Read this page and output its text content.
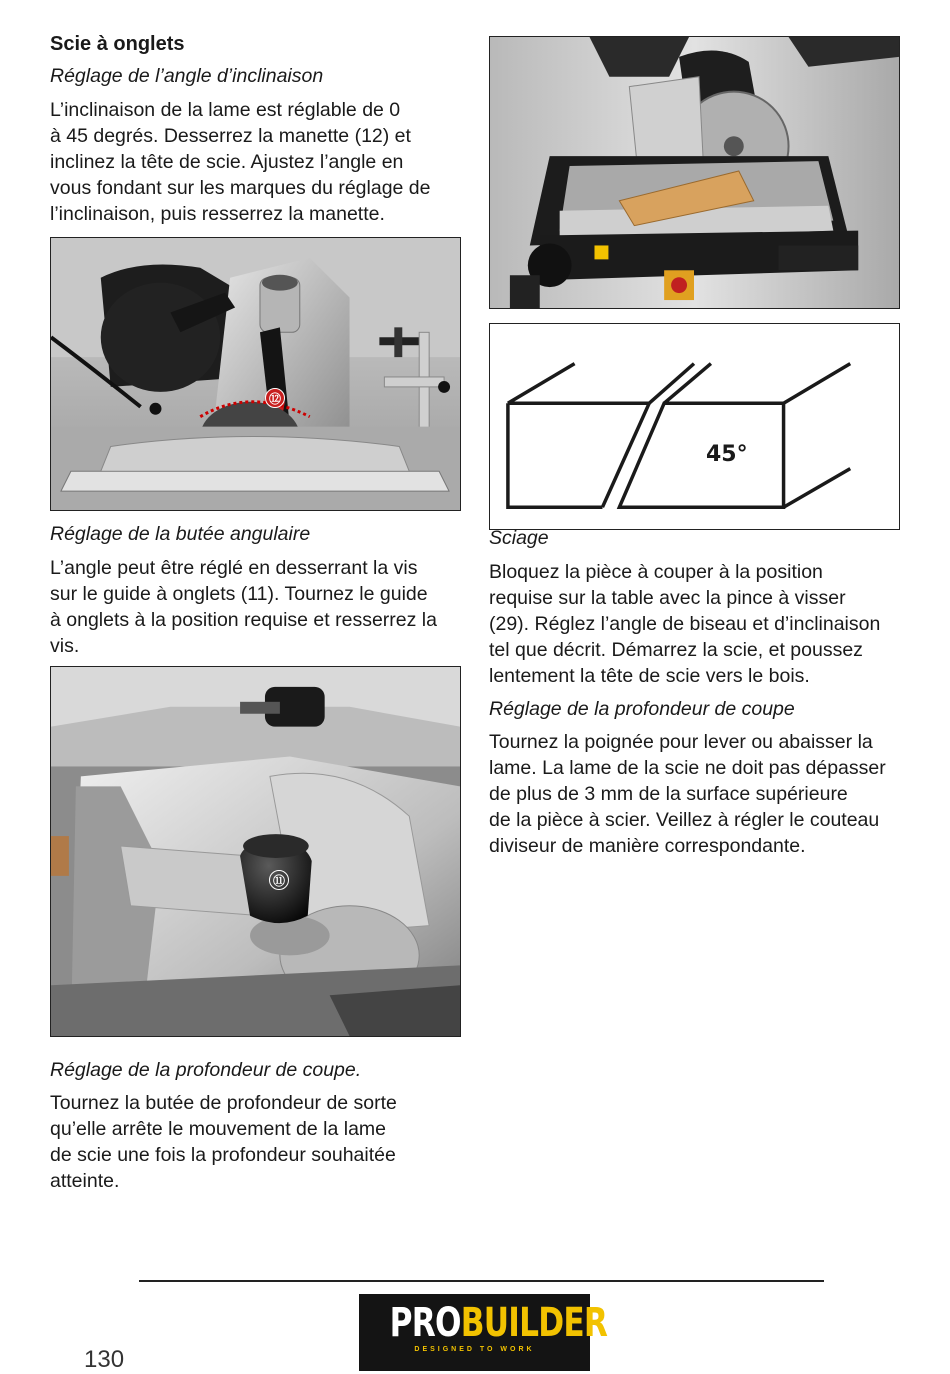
Scie à onglets
Réglage de l’angle d’inclinaison
L’inclinaison de la lame est réglable de 0
à 45 degrés. Desserrez la manette (12) et
inclinez la tête de scie. Ajustez l’angle en
vous fondant sur les marques du réglage de
l’inclinaison, puis resserrez la manette.
⑫
Réglage de la butée angulaire
L’angle peut être réglé en desserrant la vis
sur le guide à onglets (11). Tournez le guide
à onglets à la position requise et resserrez la
vis.
⑪
Réglage de la profondeur de coupe.
Tournez la butée de profondeur de sorte
qu’elle arrête le mouvement de la lame
de scie une fois la profondeur souhaitée
atteinte.
45°
Sciage
Bloquez la pièce à couper à la position
requise sur la table avec la pince à visser
(29). Réglez l’angle de biseau et d’inclinaison
tel que décrit. Démarrez la scie, et poussez
lentement la tête de scie vers le bois.
Réglage de la profondeur de coupe
Tournez la poignée pour lever ou abaisser la
lame. La lame de la scie ne doit pas dépasser
de plus de 3 mm de la surface supérieure
de la pièce à scier. Veillez à régler le couteau
diviseur de manière correspondante.
130
PROBUILDER
DESIGNED TO WORK
